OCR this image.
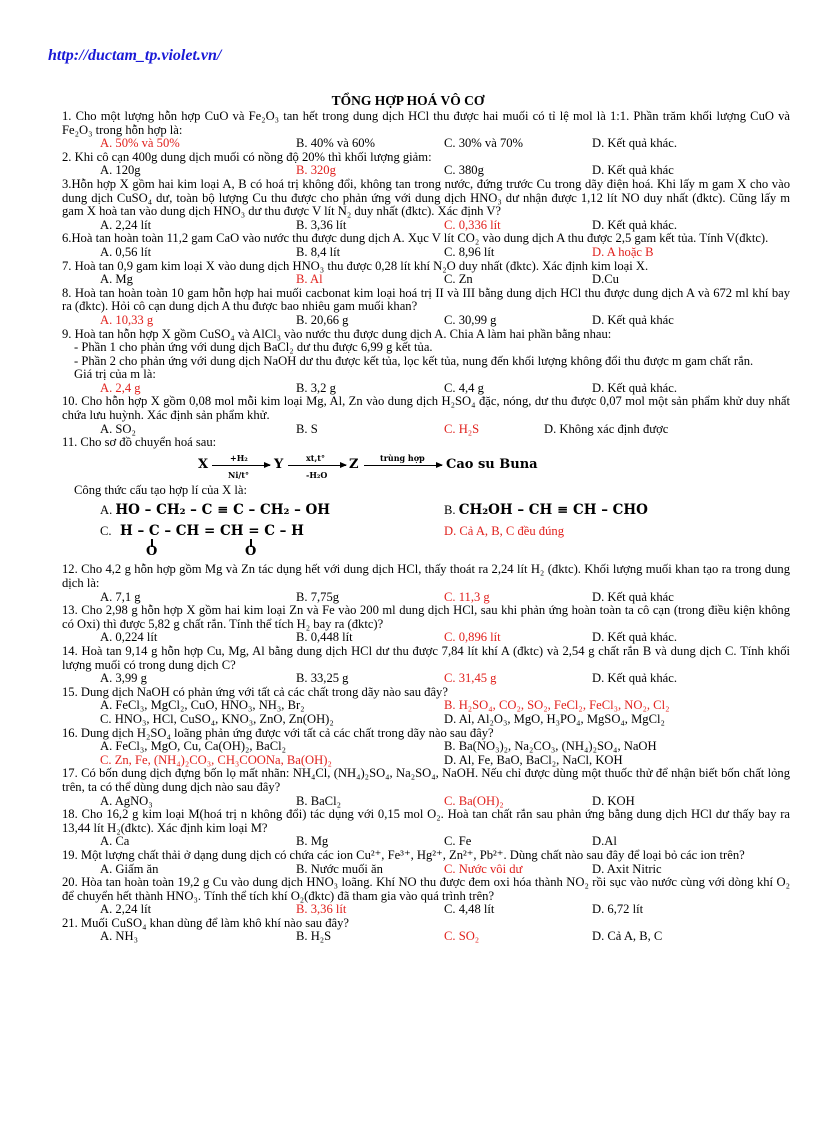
http://ductam_tp.violet.vn/
TỔNG HỢP HOÁ VÔ CƠ
1. Cho một lượng hỗn hợp CuO và Fe₂O₃ tan hết trong dung dịch HCl thu được hai muối có tỉ lệ mol là 1:1. Phần trăm khối lượng CuO và Fe₂O₃ trong hỗn hợp là:
A. 50% và 50%	B. 40% và 60%	C. 30% và 70%	D. Kết quả khác.
2. Khi cô cạn 400g dung dịch muối có nồng độ 20% thì khối lượng giảm:
A. 120g	B. 320g	C. 380g	D. Kết quả khác
3.Hỗn hợp X gồm hai kim loại A, B có hoá trị không đổi, không tan trong nước, đứng trước Cu trong dãy điện hoá. Khi lấy m gam X cho vào dung dịch CuSO₄ dư, toàn bộ lượng Cu thu được cho phản ứng với dung dịch HNO₃ dư nhận được 1,12 lít NO duy nhất (đktc). Cũng lấy m gam X hoà tan vào dung dịch HNO₃ dư thu được V lít N₂ duy nhất (đktc). Xác định V?
A. 2,24 lít	B. 3,36 lít	C. 0,336 lít	D. Kết quả khác.
6.Hoà tan hoàn toàn 11,2 gam CaO vào nước thu được dung dịch A. Xục V lít CO₂ vào dung dịch A thu được 2,5 gam kết tủa. Tính V(đktc).
A. 0,56 lít	B. 8,4 lít	C. 8,96 lít	D. A hoặc B
7. Hoà tan 0,9 gam kim loại X vào dung dịch HNO₃ thu được 0,28 lít khí N₂O duy nhất (đktc). Xác định kim loại X.
A. Mg	B. Al	C. Zn	D.Cu
8. Hoà tan hoàn toàn 10 gam hỗn hợp hai muối cacbonat kim loại hoá trị II và III bằng dung dịch HCl thu được dung dịch A và 672 ml khí bay ra (đktc). Hỏi cô cạn dung dịch A thu được bao nhiêu gam muối khan?
A. 10,33 g	B. 20,66 g	C. 30,99 g	D. Kết quả khác
9. Hoà tan hỗn hợp X gồm CuSO₄ và AlCl₃ vào nước thu được dung dịch A. Chia A làm hai phần bằng nhau:
- Phần 1 cho phản ứng với dung dịch BaCl₂ dư thu được 6,99 g kết tủa.
- Phần 2 cho phản ứng với dung dịch NaOH dư thu được kết tủa, lọc kết tủa, nung đến khối lượng không đổi thu được m gam chất rắn.
Giá trị của m là:
A. 2,4 g	B. 3,2 g	C. 4,4 g	D. Kết quả khác.
10. Cho hỗn hợp X gồm 0,08 mol mỗi kim loại Mg, Al, Zn vào dung dịch H₂SO₄ đặc, nóng, dư thu được 0,07 mol một sản phẩm khử duy nhất chứa lưu huỳnh. Xác định sản phẩm khử.
A. SO₂	B. S	C. H₂S	D. Không xác định được
11. Cho sơ đồ chuyển hoá sau:
X	+H₂
Ni/t°
Y	xt,t°
-H₂O
Z	trùng hợp Cao su Buna
Công thức cấu tạo hợp lí của X là:
A. HO – CH₂ – C ≡ C – CH₂ – OH	B. CH₂OH – CH ≡ CH – CHO
C. H – C – CH = CH = C – H
O	O
D. Cả A, B, C đều đúng
12. Cho 4,2 g hỗn hợp gồm Mg và Zn tác dụng hết với dung dịch HCl, thấy thoát ra 2,24 lít H₂ (đktc). Khối lượng muối khan tạo ra trong dung dịch là:
A. 7,1 g	B. 7,75g	C. 11,3 g	D. Kết quả khác
13. Cho 2,98 g hỗn hợp X gồm hai kim loại Zn và Fe vào 200 ml dung dịch HCl, sau khi phản ứng hoàn toàn ta cô cạn (trong điều kiện không có Oxi) thì được 5,82 g chất rắn. Tính thể tích H₂ bay ra (đktc)?
A. 0,224 lít	B. 0,448 lít	C. 0,896 lít	D. Kết quả khác.
14. Hoà tan 9,14 g hỗn hợp Cu, Mg, Al bằng dung dịch HCl dư thu được 7,84 lít khí A (đktc) và 2,54 g chất rắn B và dung dịch C. Tính khối lượng muối có trong dung dịch C?
A. 3,99 g	B. 33,25 g	C. 31,45 g	D. Kết quả khác.
15. Dung dịch NaOH có phản ứng với tất cả các chất trong dãy nào sau đây?
A. FeCl₃, MgCl₂, CuO, HNO₃, NH₃, Br₂	B. H₂SO₄, CO₂, SO₂, FeCl₂, FeCl₃, NO₂, Cl₂
C. HNO₃, HCl, CuSO₄, KNO₃, ZnO, Zn(OH)₂	D. Al, Al₂O₃, MgO, H₃PO₄, MgSO₄, MgCl₂
16. Dung dịch H₂SO₄ loãng phản ứng được với tất cả các chất trong dãy nào sau đây?
A. FeCl₃, MgO, Cu, Ca(OH)₂, BaCl₂	B. Ba(NO₃)₂, Na₂CO₃, (NH₄)₂SO₄, NaOH
C. Zn, Fe, (NH₄)₂CO₃, CH₃COONa, Ba(OH)₂	D. Al, Fe, BaO, BaCl₂, NaCl, KOH
17. Có bốn dung dịch đựng bốn lọ mất nhãn: NH₄Cl, (NH₄)₂SO₄, Na₂SO₄, NaOH. Nếu chỉ được dùng một thuốc thử để nhận biết bốn chất lỏng trên, ta có thể dùng dung dịch nào sau đây?
A. AgNO₃	B. BaCl₂	C. Ba(OH)₂	D. KOH
18. Cho 16,2 g kim loại M(hoá trị n không đổi) tác dụng với 0,15 mol O₂. Hoà tan chất rắn sau phản ứng bằng dung dịch HCl dư thấy bay ra 13,44 lít H₂(đktc). Xác định kim loại M?
A. Ca	B. Mg	C. Fe	D.Al
19. Một lượng chất thải ở dạng dung dịch có chứa các ion Cu²⁺, Fe³⁺, Hg²⁺, Zn²⁺, Pb²⁺. Dùng chất nào sau đây để loại bỏ các ion trên?
A. Giấm ăn	B. Nước muối ăn	C. Nước vôi dư	D. Axit Nitric
20. Hòa tan hoàn toàn 19,2 g Cu vào dung dịch HNO₃ loãng. Khí NO thu được đem oxi hóa thành NO₂ rồi sục vào nước cùng với dòng khí O₂ để chuyển hết thành HNO₃. Tính thể tích khí O₂(đktc) đã tham gia vào quá trình trên?
A. 2,24 lít	B. 3,36 lít	C. 4,48 lít	D. 6,72 lít
21. Muối CuSO₄ khan dùng để làm khô khí nào sau đây?
A. NH₃	B. H₂S	C. SO₂	D. Cả A, B, C
